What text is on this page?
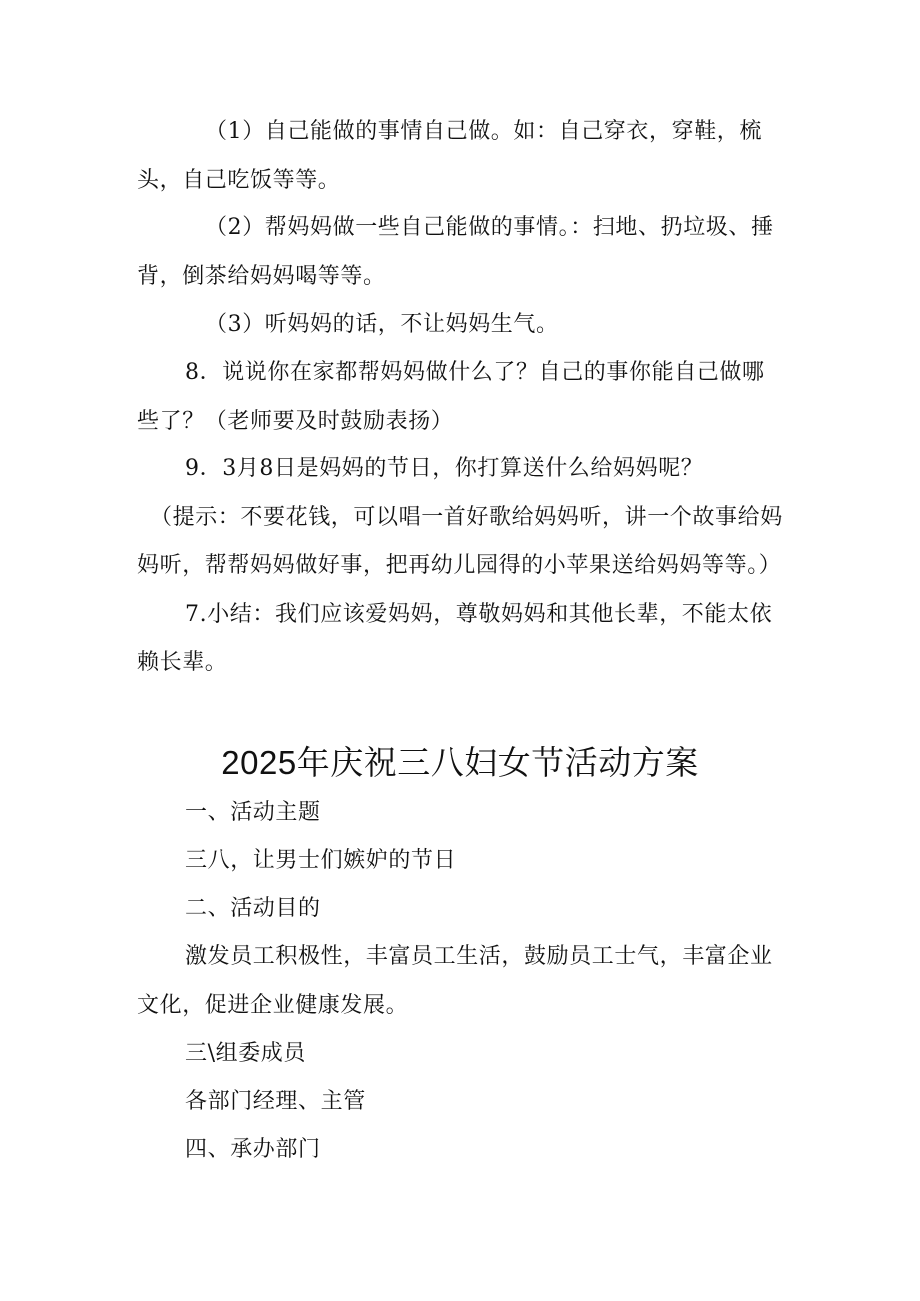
（1）自己能做的事情自己做。如：自己穿衣，穿鞋，梳
头，自己吃饭等等。
（2）帮妈妈做一些自己能做的事情。：扫地、扔垃圾、捶
背，倒茶给妈妈喝等等。
（3）听妈妈的话，不让妈妈生气。
8．说说你在家都帮妈妈做什么了？自己的事你能自己做哪
些了？（老师要及时鼓励表扬）
9．3月8日是妈妈的节日，你打算送什么给妈妈呢？
（提示：不要花钱，可以唱一首好歌给妈妈听，讲一个故事给妈
妈听，帮帮妈妈做好事，把再幼儿园得的小苹果送给妈妈等等。）
7.小结：我们应该爱妈妈，尊敬妈妈和其他长辈，不能太依
赖长辈。
2025年庆祝三八妇女节活动方案
一、活动主题
三八，让男士们嫉妒的节日
二、活动目的
激发员工积极性，丰富员工生活，鼓励员工士气，丰富企业
文化，促进企业健康发展。
三\组委成员
各部门经理、主管
四、承办部门
